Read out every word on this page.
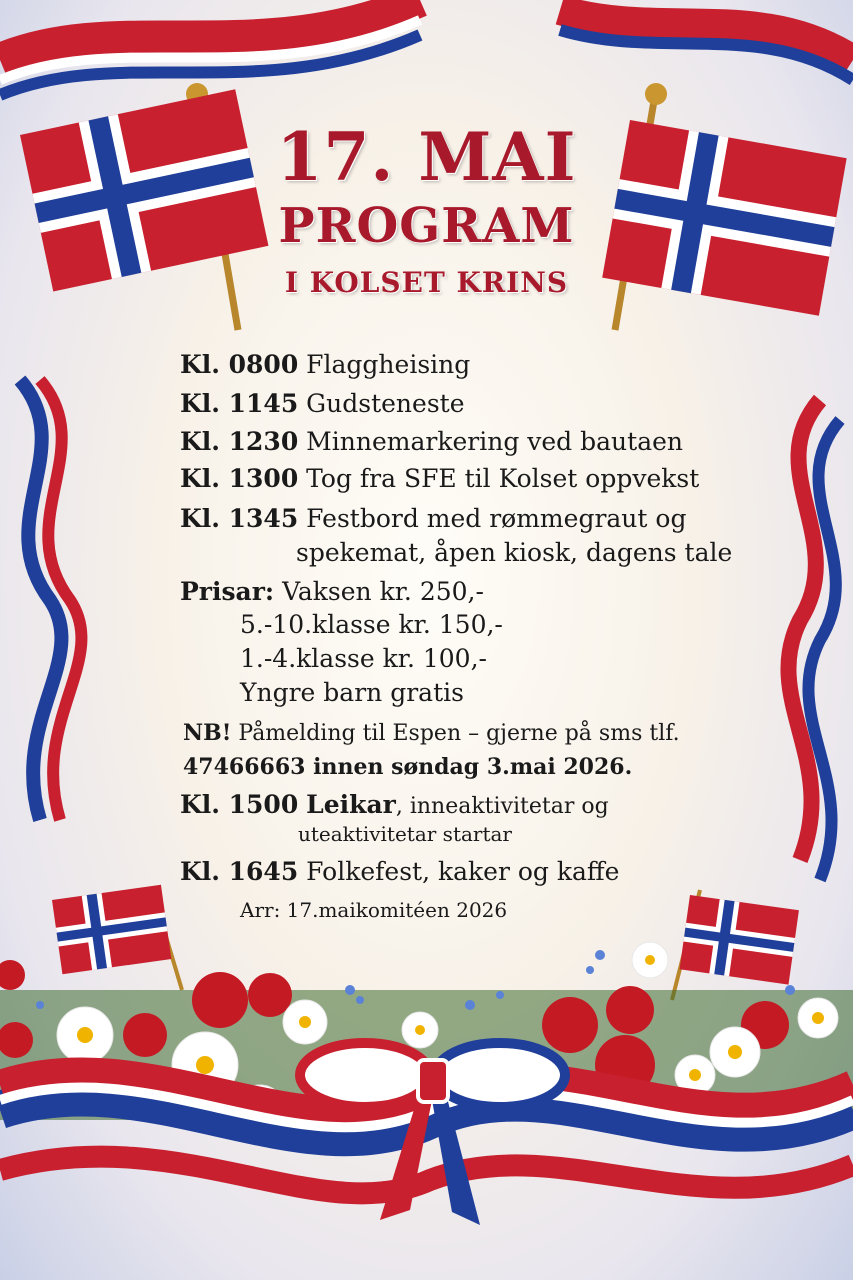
17. MAI
PROGRAM
I KOLSET KRINS
Kl. 0800 Flaggheising
Kl. 1145 Gudsteneste
Kl. 1230 Minnemarkering ved bautaen
Kl. 1300 Tog fra SFE til Kolset oppvekst
Kl. 1345 Festbord med rømmegraut og
spekemat, åpen kiosk, dagens tale
Prisar: Vaksen kr. 250,-
5.-10.klasse kr. 150,-
1.-4.klasse kr. 100,-
Yngre barn gratis
NB! Påmelding til Espen – gjerne på sms tlf.
47466663 innen søndag 3.mai 2026.
Kl. 1500 Leikar, inneaktivitetar og
uteaktivitetar startar
Kl. 1645 Folkefest, kaker og kaffe
Arr: 17.maikomitéen 2026
